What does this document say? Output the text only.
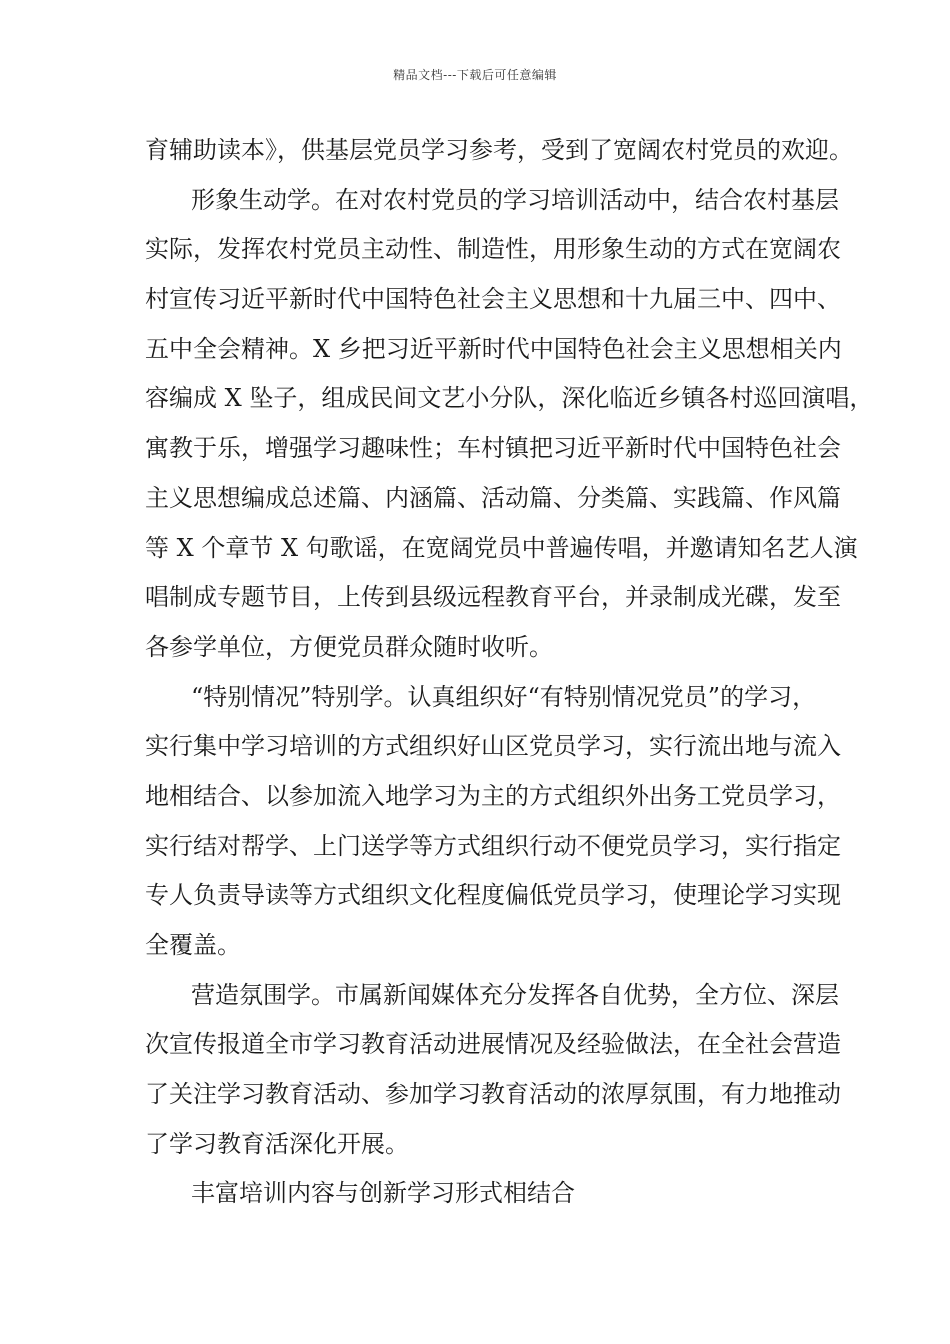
精品文档---下载后可任意编辑
育辅助读本》，供基层党员学习参考，受到了宽阔农村党员的欢迎。
形象生动学。在对农村党员的学习培训活动中，结合农村基层
实际，发挥农村党员主动性、制造性，用形象生动的方式在宽阔农
村宣传习近平新时代中国特色社会主义思想和十九届三中、四中、
五中全会精神。X 乡把习近平新时代中国特色社会主义思想相关内
容编成 X 坠子，组成民间文艺小分队，深化临近乡镇各村巡回演唱，
寓教于乐，增强学习趣味性；车村镇把习近平新时代中国特色社会
主义思想编成总述篇、内涵篇、活动篇、分类篇、实践篇、作风篇
等 X 个章节 X 句歌谣，在宽阔党员中普遍传唱，并邀请知名艺人演
唱制成专题节目，上传到县级远程教育平台，并录制成光碟，发至
各参学单位，方便党员群众随时收听。
“特别情况”特别学。认真组织好“有特别情况党员”的学习，
实行集中学习培训的方式组织好山区党员学习，实行流出地与流入
地相结合、以参加流入地学习为主的方式组织外出务工党员学习，
实行结对帮学、上门送学等方式组织行动不便党员学习，实行指定
专人负责导读等方式组织文化程度偏低党员学习，使理论学习实现
全覆盖。
营造氛围学。市属新闻媒体充分发挥各自优势，全方位、深层
次宣传报道全市学习教育活动进展情况及经验做法，在全社会营造
了关注学习教育活动、参加学习教育活动的浓厚氛围，有力地推动
了学习教育活深化开展。
丰富培训内容与创新学习形式相结合
